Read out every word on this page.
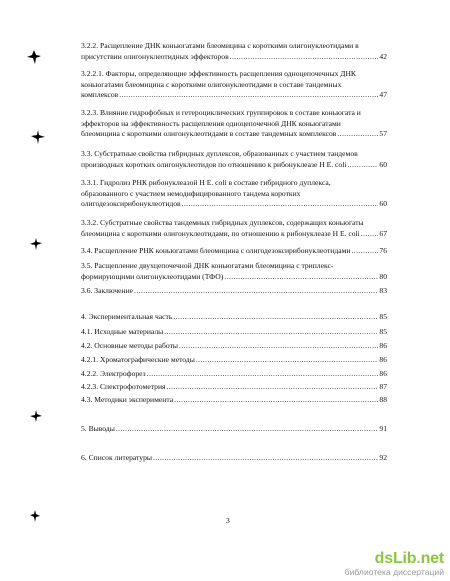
3.2.2. Расщепление ДНК коньюгатами блеомицина с короткими олигонуклеотидами в
присутствии олигонуклеотидных эффекторов .....	42
3.2.2.1. Факторы, определяющие эффективность расщепления одноцепочечных ДНК
коньюгатами блеомицина с короткими олигонуклеотидами в составе тандемных
комплексов .....	47
3.2.3. Влияние гидрофобных и гетероциклических группировок в составе коньюгата и
эффекторов на эффективность расщепления одноцепочечной ДНК коньюгатами
блеомицина с короткими олигонуклеотидами в составе тандемных комплексов .....	57
3.3. Субстратные свойства гибридных дуплексов, образованных с участием тандемов
производных коротких олигонуклеотидов по отношению к рибонуклеазе H E. coli .....	60
3.3.1. Гидролиз РНК рибонуклеазой H E. coli в составе гибридного дуплекса,
образованного с участием немодифицированного тандема коротких
олигодезоксирибонуклеотидов .....	60
3.3.2. Субстратные свойства тандемных гибридных дуплексов, содержащих коньюгаты
блеомицина с короткими олигонуклеотидами, по отношению к рибонуклеазе H E. coli .....	67
3.4. Расщепление РНК коньюгатами блеомицина с олигодезоксирибонуклеотидами .....	76
3.5. Расщепление двухцепочечной ДНК коньюгатами блеомицина с триплекс-
формирующими олигонуклеотидами (ТФО) .....	80
3.6. Заключение .....	83
4. Экспериментальная часть .....	85
4.1. Исходные материалы .....	85
4.2. Основные методы работы .....	86
4.2.1. Хроматографические методы .....	86
4.2.2. Электрофорез .....	86
4.2.3. Спектрофотометрия .....	87
4.3. Методики эксперимента .....	88
5. Выводы .....	91
6. Список литературы .....	92
3
dsLib.net
библиотека диссертаций
